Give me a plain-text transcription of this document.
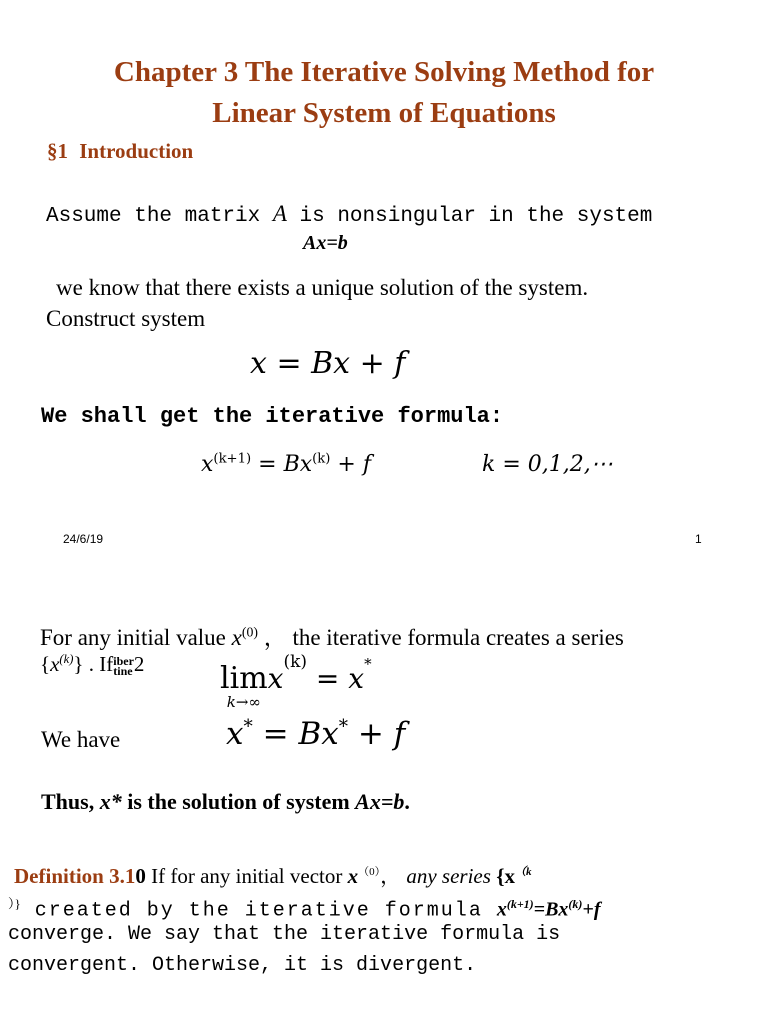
Chapter 3 The Iterative Solving Method for
Linear System of Equations
§1 Introduction
Assume the matrix A is nonsingular in the system
Ax=b
we know that there exists a unique solution of the system.
Construct system
x = Bx + f
We shall get the iterative formula:
$x^{(k+1)} = Bx^{(k)} + f$	k = 0,1,2,⋯
24/6/19	1
For any initial value $x^{(0)}$ ， the iterative formula creates a series
$\{x^{(k)}\}$ . If iber
tine 2	lim
k→∞
$x^{(k)} = x^*$
We have	x* = Bx* + f
Thus, x* is the solution of system Ax=b.
Definition 3.10 If for any initial vector $x^{(0)}$， any series {$x^{(k}$
）} created by the iterative formula $x^{(k+1)}=Bx^{(k)}+f$
converge. We say that the iterative formula is
convergent. Otherwise, it is divergent.
